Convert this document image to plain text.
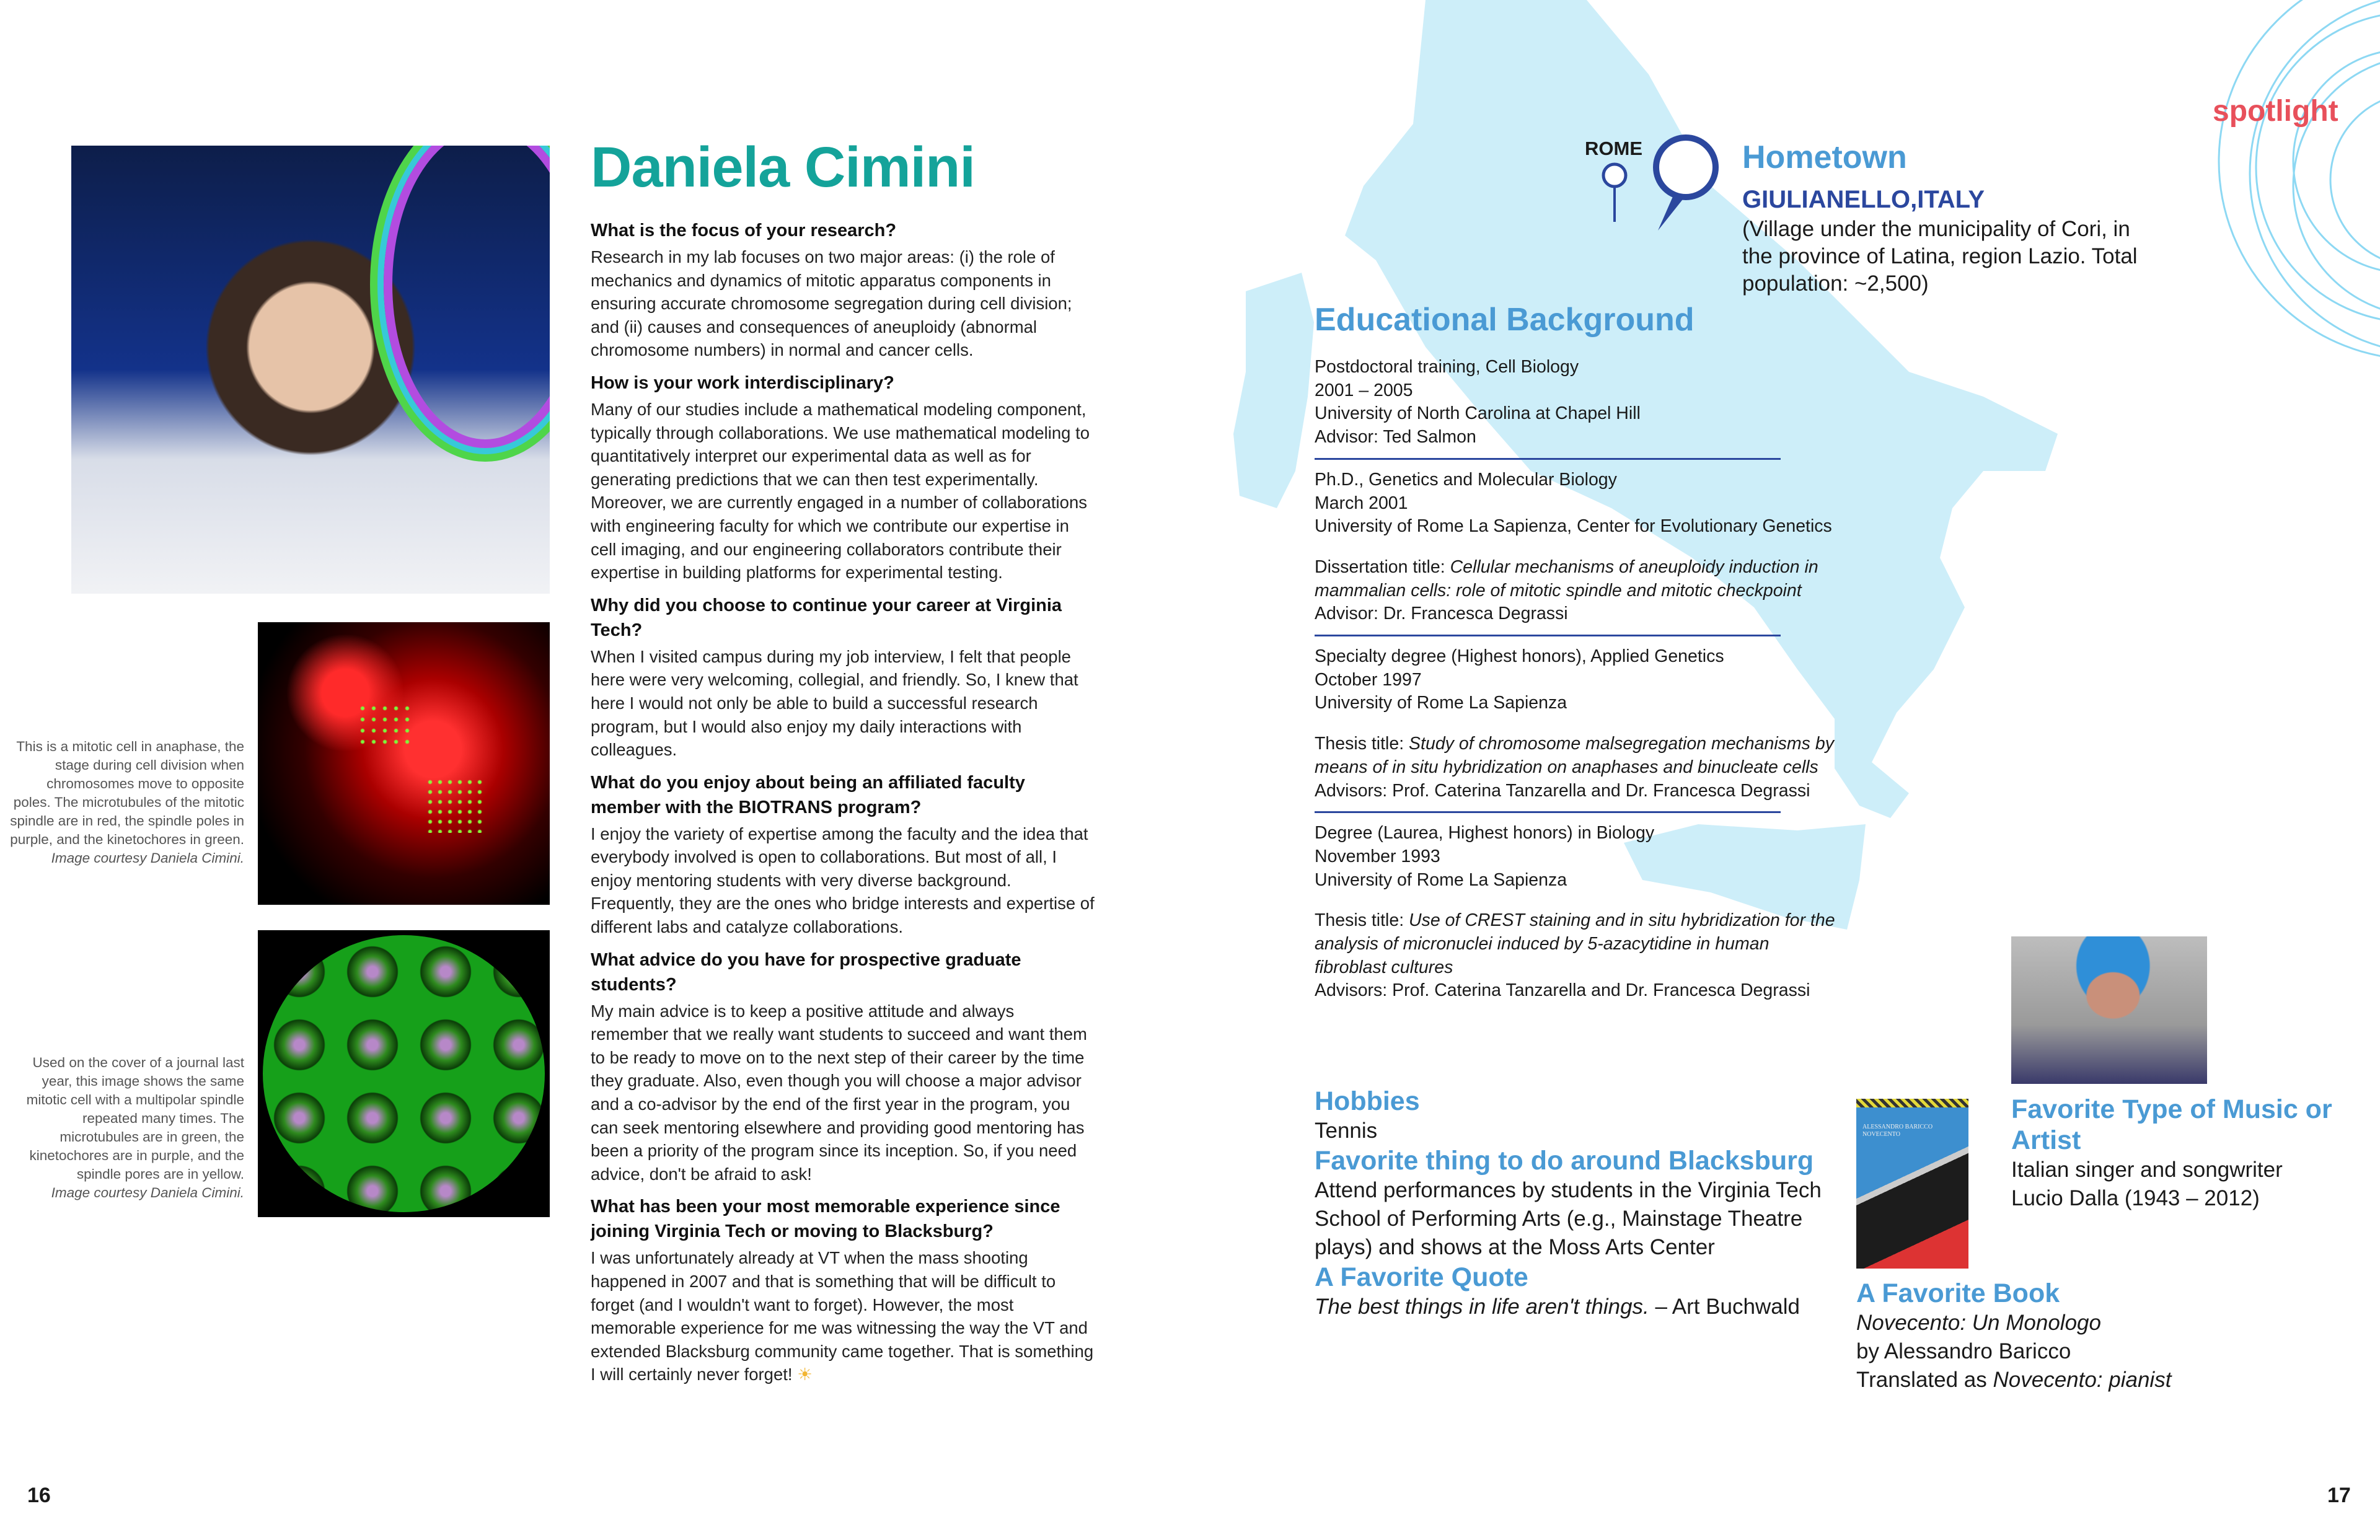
This is a mitotic cell in anaphase, the stage during cell division when chromosomes move to opposite poles. The microtubules of the mitotic spindle are in red, the spindle poles in purple, and the kinetochores in green.
Image courtesy Daniela Cimini.
Used on the cover of a journal last year, this image shows the same mitotic cell with a multipolar spindle repeated many times. The microtubules are in green, the kinetochores are in purple, and the spindle pores are in yellow.
Image courtesy Daniela Cimini.
Daniela Cimini
What is the focus of your research?

Research in my lab focuses on two major areas: (i) the role of mechanics and dynamics of mitotic apparatus components in ensuring accurate chromosome segregation during cell division; and (ii) causes and consequences of aneuploidy (abnormal chromosome numbers) in normal and cancer cells.

How is your work interdisciplinary?

Many of our studies include a mathematical modeling component, typically through collaborations. We use mathematical modeling to quantitatively interpret our experimental data as well as for generating predictions that we can then test experimentally. Moreover, we are currently engaged in a number of collaborations with engineering faculty for which we contribute our expertise in cell imaging, and our engineering collaborators contribute their expertise in building platforms for experimental testing.

Why did you choose to continue your career at Virginia Tech?

When I visited campus during my job interview, I felt that people here were very welcoming, collegial, and friendly. So, I knew that here I would not only be able to build a successful research program, but I would also enjoy my daily interactions with colleagues.

What do you enjoy about being an affiliated faculty member with the BIOTRANS program?

I enjoy the variety of expertise among the faculty and the idea that everybody involved is open to collaborations. But most of all, I enjoy mentoring students with very diverse background. Frequently, they are the ones who bridge interests and expertise of different labs and catalyze collaborations.

What advice do you have for prospective graduate students?

My main advice is to keep a positive attitude and always remember that we really want students to succeed and want them to be ready to move on to the next step of their career by the time they graduate. Also, even though you will choose a major advisor and a co-advisor by the end of the first year in the program, you can seek mentoring elsewhere and providing good mentoring has been a priority of the program since its inception. So, if you need advice, don't be afraid to ask!

What has been your most memorable experience since joining Virginia Tech or moving to Blacksburg?

I was unfortunately already at VT when the mass shooting happened in 2007 and that is something that will be difficult to forget (and I wouldn't want to forget). However, the most memorable experience for me was witnessing the way the VT and extended Blacksburg community came together. That is something I will certainly never forget! ☀

16	17
spotlight
ROME	Hometown
GIULIANELLO,ITALY
(Village under the municipality of Cori, in the province of Latina, region Lazio. Total population: ~2,500)
Educational Background
Postdoctoral training, Cell Biology
2001 – 2005
University of North Carolina at Chapel Hill
Advisor: Ted Salmon
Ph.D., Genetics and Molecular Biology
March 2001
University of Rome La Sapienza, Center for Evolutionary Genetics
Dissertation title: Cellular mechanisms of aneuploidy induction in mammalian cells: role of mitotic spindle and mitotic checkpoint
Advisor: Dr. Francesca Degrassi
Specialty degree (Highest honors), Applied Genetics
October 1997
University of Rome La Sapienza
Thesis title: Study of chromosome malsegregation mechanisms by means of in situ hybridization on anaphases and binucleate cells
Advisors: Prof. Caterina Tanzarella and Dr. Francesca Degrassi
Degree (Laurea, Highest honors) in Biology
November 1993
University of Rome La Sapienza
Thesis title: Use of CREST staining and in situ hybridization for the analysis of micronuclei induced by 5-azacytidine in human fibroblast cultures
Advisors: Prof. Caterina Tanzarella and Dr. Francesca Degrassi
Hobbies
Tennis
Favorite thing to do around Blacksburg
Attend performances by students in the Virginia Tech School of Performing Arts (e.g., Mainstage Theatre plays) and shows at the Moss Arts Center
A Favorite Quote
The best things in life aren't things. – Art Buchwald
ALESSANDRO BARICCO NOVECENTO
Favorite Type of Music or Artist
Italian singer and songwriter
Lucio Dalla (1943 – 2012)
A Favorite Book
Novecento: Un Monologo
by Alessandro Baricco
Translated as Novecento: pianist
